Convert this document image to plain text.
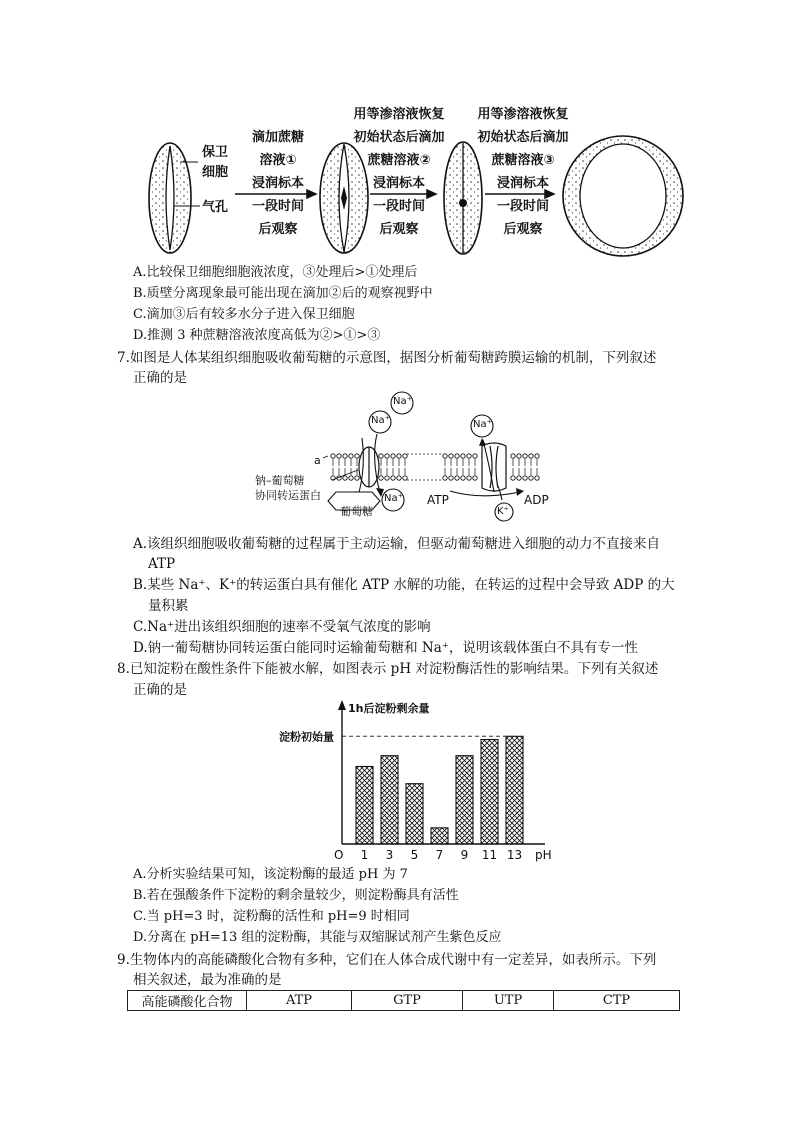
保卫
细胞
气孔
滴加蔗糖
溶液①
浸润标本
一段时间
后观察
用等渗溶液恢复
初始状态后滴加
蔗糖溶液②
浸润标本
一段时间
后观察
用等渗溶液恢复
初始状态后滴加
蔗糖溶液③
浸润标本
一段时间
后观察
A.比较保卫细胞细胞液浓度，③处理后>①处理后
B.质壁分离现象最可能出现在滴加②后的观察视野中
C.滴加③后有较多水分子进入保卫细胞
D.推测 3 种蔗糖溶液浓度高低为②>①>③
7.如图是人体某组织细胞吸收葡萄糖的示意图，据图分析葡萄糖跨膜运输的机制，下列叙述
正确的是
Na⁺
Na⁺
Na⁺
Na⁺
K⁺
ATP	ADP
a
钠–葡萄糖
协同转运蛋白
葡萄糖
A.该组织细胞吸收葡萄糖的过程属于主动运输，但驱动葡萄糖进入细胞的动力不直接来自
ATP
B.某些 Na⁺、K⁺的转运蛋白具有催化 ATP 水解的功能，在转运的过程中会导致 ADP 的大
量积累
C.Na⁺进出该组织细胞的速率不受氧气浓度的影响
D.钠一葡萄糖协同转运蛋白能同时运输葡萄糖和 Na⁺，说明该载体蛋白不具有专一性
8.已知淀粉在酸性条件下能被水解，如图表示 pH 对淀粉酶活性的影响结果。下列有关叙述
正确的是
1 3 5 7 9 11 13
1h后淀粉剩余量
淀粉初始量
O	pH
A.分析实验结果可知，该淀粉酶的最适 pH 为 7
B.若在强酸条件下淀粉的剩余量较少，则淀粉酶具有活性
C.当 pH=3 时，淀粉酶的活性和 pH=9 时相同
D.分离在 pH=13 组的淀粉酶，其能与双缩脲试剂产生紫色反应
9.生物体内的高能磷酸化合物有多种，它们在人体合成代谢中有一定差异，如表所示。下列
相关叙述，最为准确的是
高能磷酸化合物	ATP	GTP	UTP	CTP
